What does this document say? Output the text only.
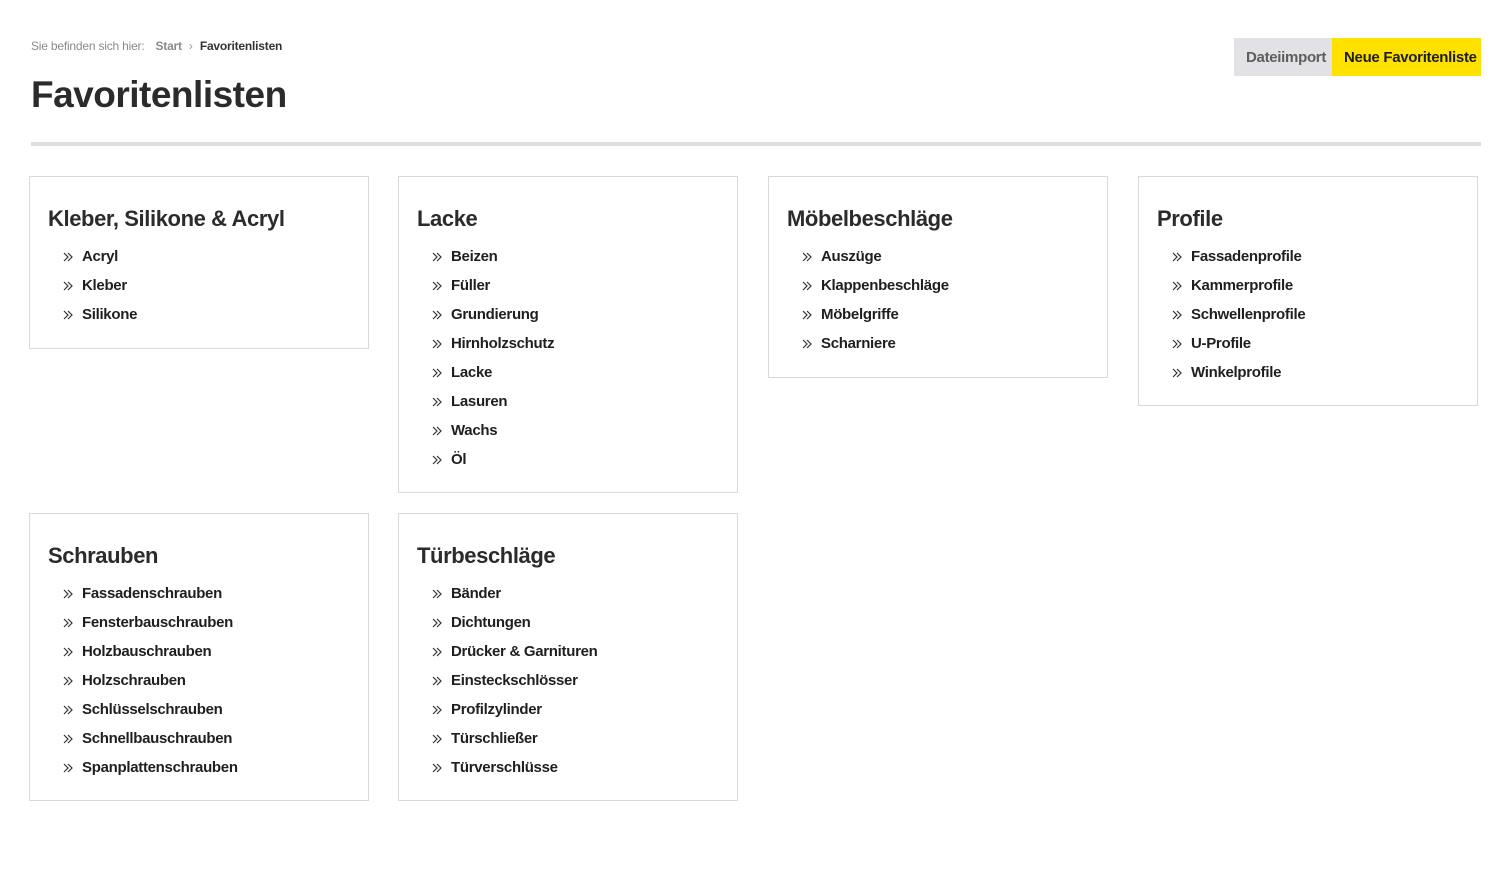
Sie befinden sich hier: Start › Favoritenlisten
Favoritenlisten
Dateiimport	Neue Favoritenliste
Kleber, Silikone & Acryl
Acryl
Kleber
Silikone
Lacke
Beizen
Füller
Grundierung
Hirnholzschutz
Lacke
Lasuren
Wachs
Öl
Möbelbeschläge
Auszüge
Klappenbeschläge
Möbelgriffe
Scharniere
Profile
Fassadenprofile
Kammerprofile
Schwellenprofile
U-Profile
Winkelprofile
Schrauben
Fassadenschrauben
Fensterbauschrauben
Holzbauschrauben
Holzschrauben
Schlüsselschrauben
Schnellbauschrauben
Spanplattenschrauben
Türbeschläge
Bänder
Dichtungen
Drücker & Garnituren
Einsteckschlösser
Profilzylinder
Türschließer
Türverschlüsse
